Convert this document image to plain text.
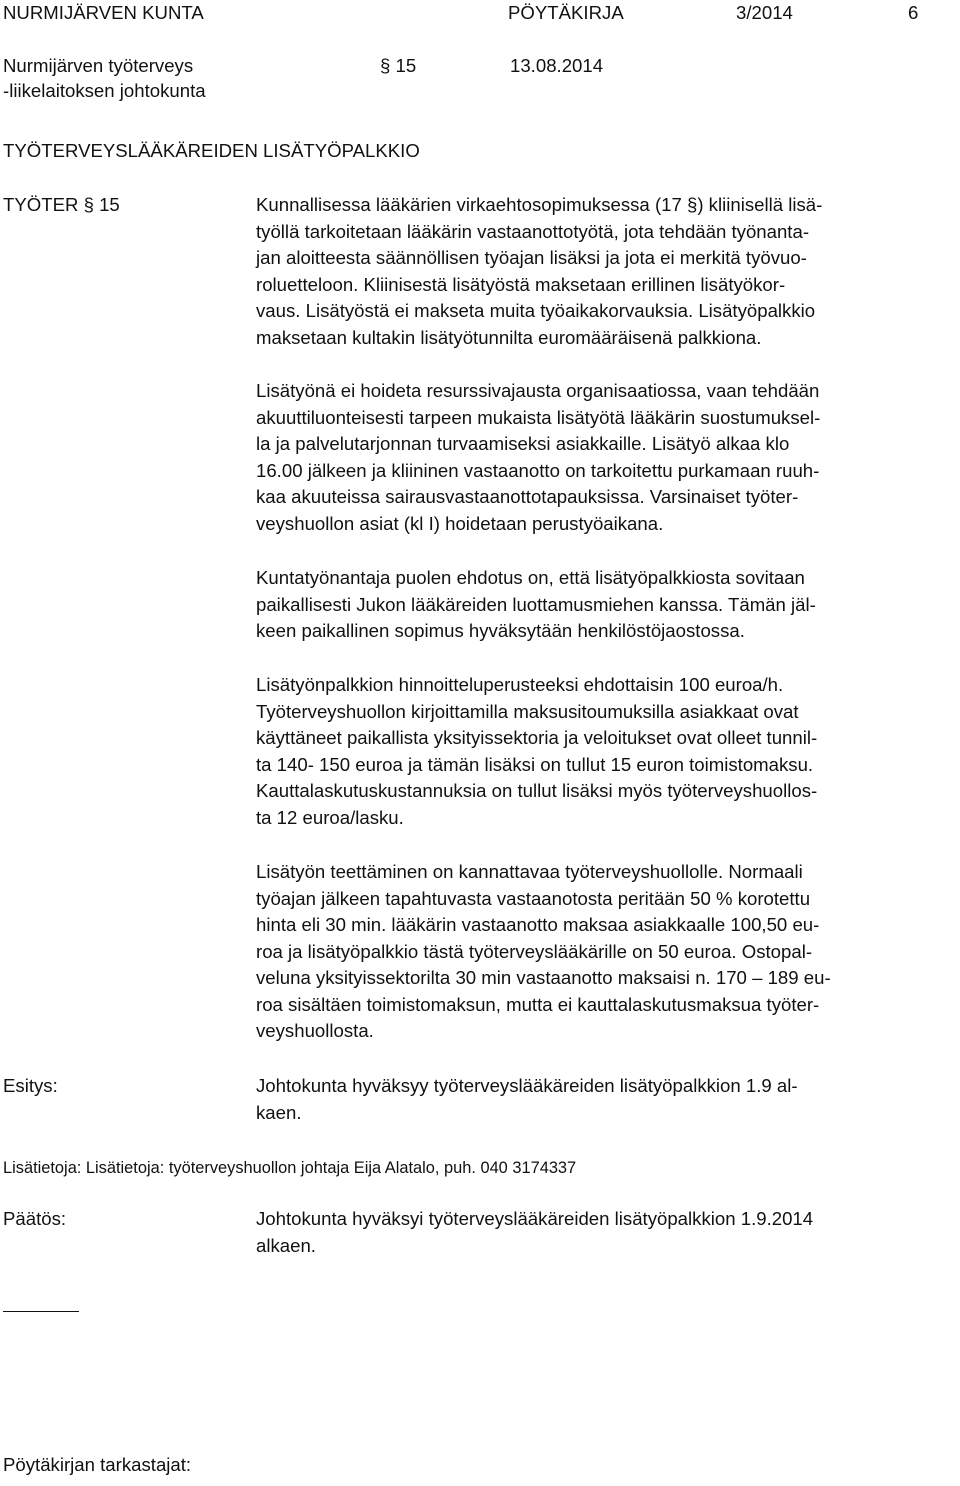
NURMIJÄRVEN KUNTA	PÖYTÄKIRJA	3/2014	6
Nurmijärven työterveys
-liikelaitoksen johtokunta
§ 15	13.08.2014
TYÖTERVEYSLÄÄKÄREIDEN LISÄTYÖPALKKIO
TYÖTER § 15	Kunnallisessa lääkärien virkaehtosopimuksessa (17 §) kliinisellä lisä-
työllä tarkoitetaan lääkärin vastaanottotyötä, jota tehdään työnanta-
jan aloitteesta säännöllisen työajan lisäksi ja jota ei merkitä työvuo-
roluetteloon. Kliinisestä lisätyöstä maksetaan erillinen lisätyökor-
vaus. Lisätyöstä ei makseta muita työaikakorvauksia. Lisätyöpalkkio
maksetaan kultakin lisätyötunnilta euromääräisenä palkkiona.
Lisätyönä ei hoideta resurssivajausta organisaatiossa, vaan tehdään
akuuttiluonteisesti tarpeen mukaista lisätyötä lääkärin suostumuksel-
la ja palvelutarjonnan turvaamiseksi asiakkaille. Lisätyö alkaa klo
16.00 jälkeen ja kliininen vastaanotto on tarkoitettu purkamaan ruuh-
kaa akuuteissa sairausvastaanottotapauksissa. Varsinaiset työter-
veyshuollon asiat (kl I) hoidetaan perustyöaikana.
Kuntatyönantaja puolen ehdotus on, että lisätyöpalkkiosta sovitaan
paikallisesti Jukon lääkäreiden luottamusmiehen kanssa. Tämän jäl-
keen paikallinen sopimus hyväksytään henkilöstöjaostossa.
Lisätyönpalkkion hinnoitteluperusteeksi ehdottaisin 100 euroa/h.
Työterveyshuollon kirjoittamilla maksusitoumuksilla asiakkaat ovat
käyttäneet paikallista yksityissektoria ja veloitukset ovat olleet tunnil-
ta 140- 150 euroa ja tämän lisäksi on tullut 15 euron toimistomaksu.
Kauttalaskutuskustannuksia on tullut lisäksi myös työterveyshuollos-
ta 12 euroa/lasku.
Lisätyön teettäminen on kannattavaa työterveyshuollolle. Normaali
työajan jälkeen tapahtuvasta vastaanotosta peritään 50 % korotettu
hinta eli 30 min. lääkärin vastaanotto maksaa asiakkaalle 100,50 eu-
roa ja lisätyöpalkkio tästä työterveyslääkärille on 50 euroa. Ostopal-
veluna yksityissektorilta 30 min vastaanotto maksaisi n. 170 – 189 eu-
roa sisältäen toimistomaksun, mutta ei kauttalaskutusmaksua työter-
veyshuollosta.
Esitys:	Johtokunta hyväksyy työterveyslääkäreiden lisätyöpalkkion 1.9 al-
kaen.
Lisätietoja: Lisätietoja: työterveyshuollon johtaja Eija Alatalo, puh. 040 3174337
Päätös:	Johtokunta hyväksyi työterveyslääkäreiden lisätyöpalkkion 1.9.2014
alkaen.
Pöytäkirjan tarkastajat:
